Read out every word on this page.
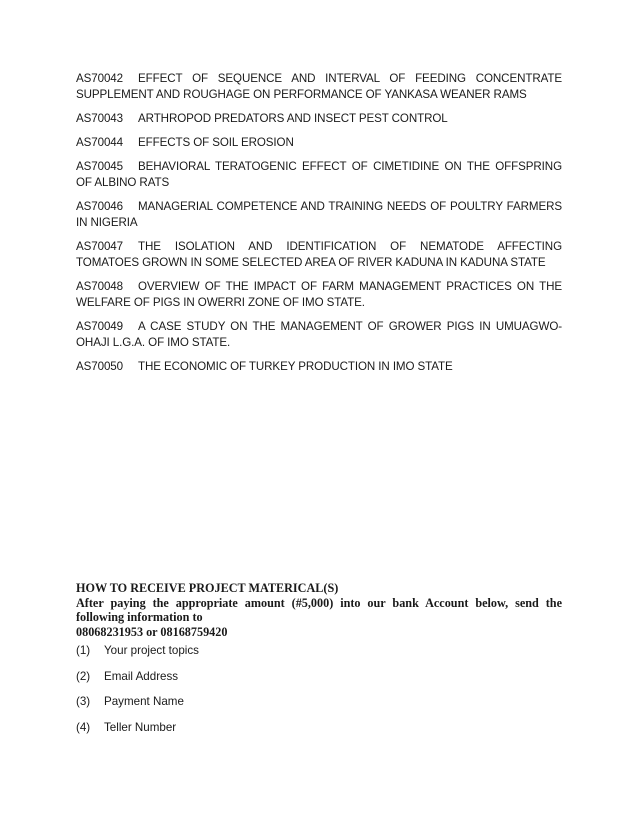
AS70042 EFFECT OF SEQUENCE AND INTERVAL OF FEEDING CONCENTRATE SUPPLEMENT AND ROUGHAGE ON PERFORMANCE OF YANKASA WEANER RAMS

AS70043 ARTHROPOD PREDATORS AND INSECT PEST CONTROL

AS70044 EFFECTS OF SOIL EROSION

AS70045 BEHAVIORAL TERATOGENIC EFFECT OF CIMETIDINE ON THE OFFSPRING OF ALBINO RATS

AS70046 MANAGERIAL COMPETENCE AND TRAINING NEEDS OF POULTRY FARMERS IN NIGERIA

AS70047 THE ISOLATION AND IDENTIFICATION OF NEMATODE AFFECTING TOMATOES GROWN IN SOME SELECTED AREA OF RIVER KADUNA IN KADUNA STATE

AS70048 OVERVIEW OF THE IMPACT OF FARM MANAGEMENT PRACTICES ON THE WELFARE OF PIGS IN OWERRI ZONE OF IMO STATE.

AS70049 A CASE STUDY ON THE MANAGEMENT OF GROWER PIGS IN UMUAGWO-OHAJI L.G.A. OF IMO STATE.

AS70050 THE ECONOMIC OF TURKEY PRODUCTION IN IMO STATE

HOW TO RECEIVE PROJECT MATERICAL(S)

After paying the appropriate amount (#5,000) into our bank Account below, send the following information to

08068231953 or 08168759420

(1) Your project topics

(2) Email Address

(3) Payment Name

(4) Teller Number
